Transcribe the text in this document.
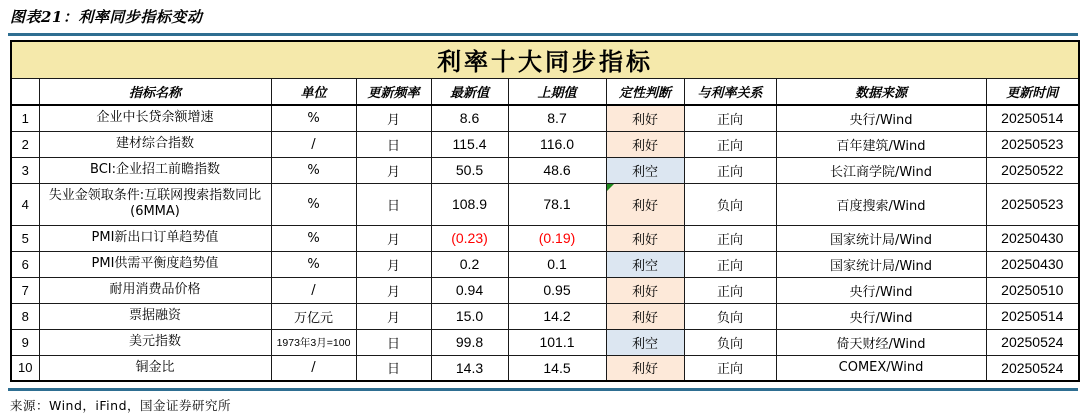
图表21：利率同步指标变动
利率十大同步指标									
	指标名称	单位	更新频率	最新值	上期值	定性判断	与利率关系	数据来源	更新时间
1	企业中长贷余额增速	%	月	8.6	8.7	利好	正向	央行/Wind	20250514
2	建材综合指数	/	日	115.4	116.0	利好	正向	百年建筑/Wind	20250523
3	BCI:企业招工前瞻指数	%	月	50.5	48.6	利空	正向	长江商学院/Wind	20250522
4	失业金领取条件:互联网搜索指数同比(6MMA)	%	日	108.9	78.1	利好	负向	百度搜索/Wind	20250523
5	PMI新出口订单趋势值	%	月	(0.23)	(0.19)	利好	正向	国家统计局/Wind	20250430
6	PMI供需平衡度趋势值	%	月	0.2	0.1	利空	正向	国家统计局/Wind	20250430
7	耐用消费品价格	/	月	0.94	0.95	利好	正向	央行/Wind	20250510
8	票据融资	万亿元	月	15.0	14.2	利好	负向	央行/Wind	20250514
9	美元指数	1973年3月=100	日	99.8	101.1	利空	负向	倚天财经/Wind	20250524
10	铜金比	/	日	14.3	14.5	利好	正向	COMEX/Wind	20250524
来源：Wind，iFind，国金证券研究所
